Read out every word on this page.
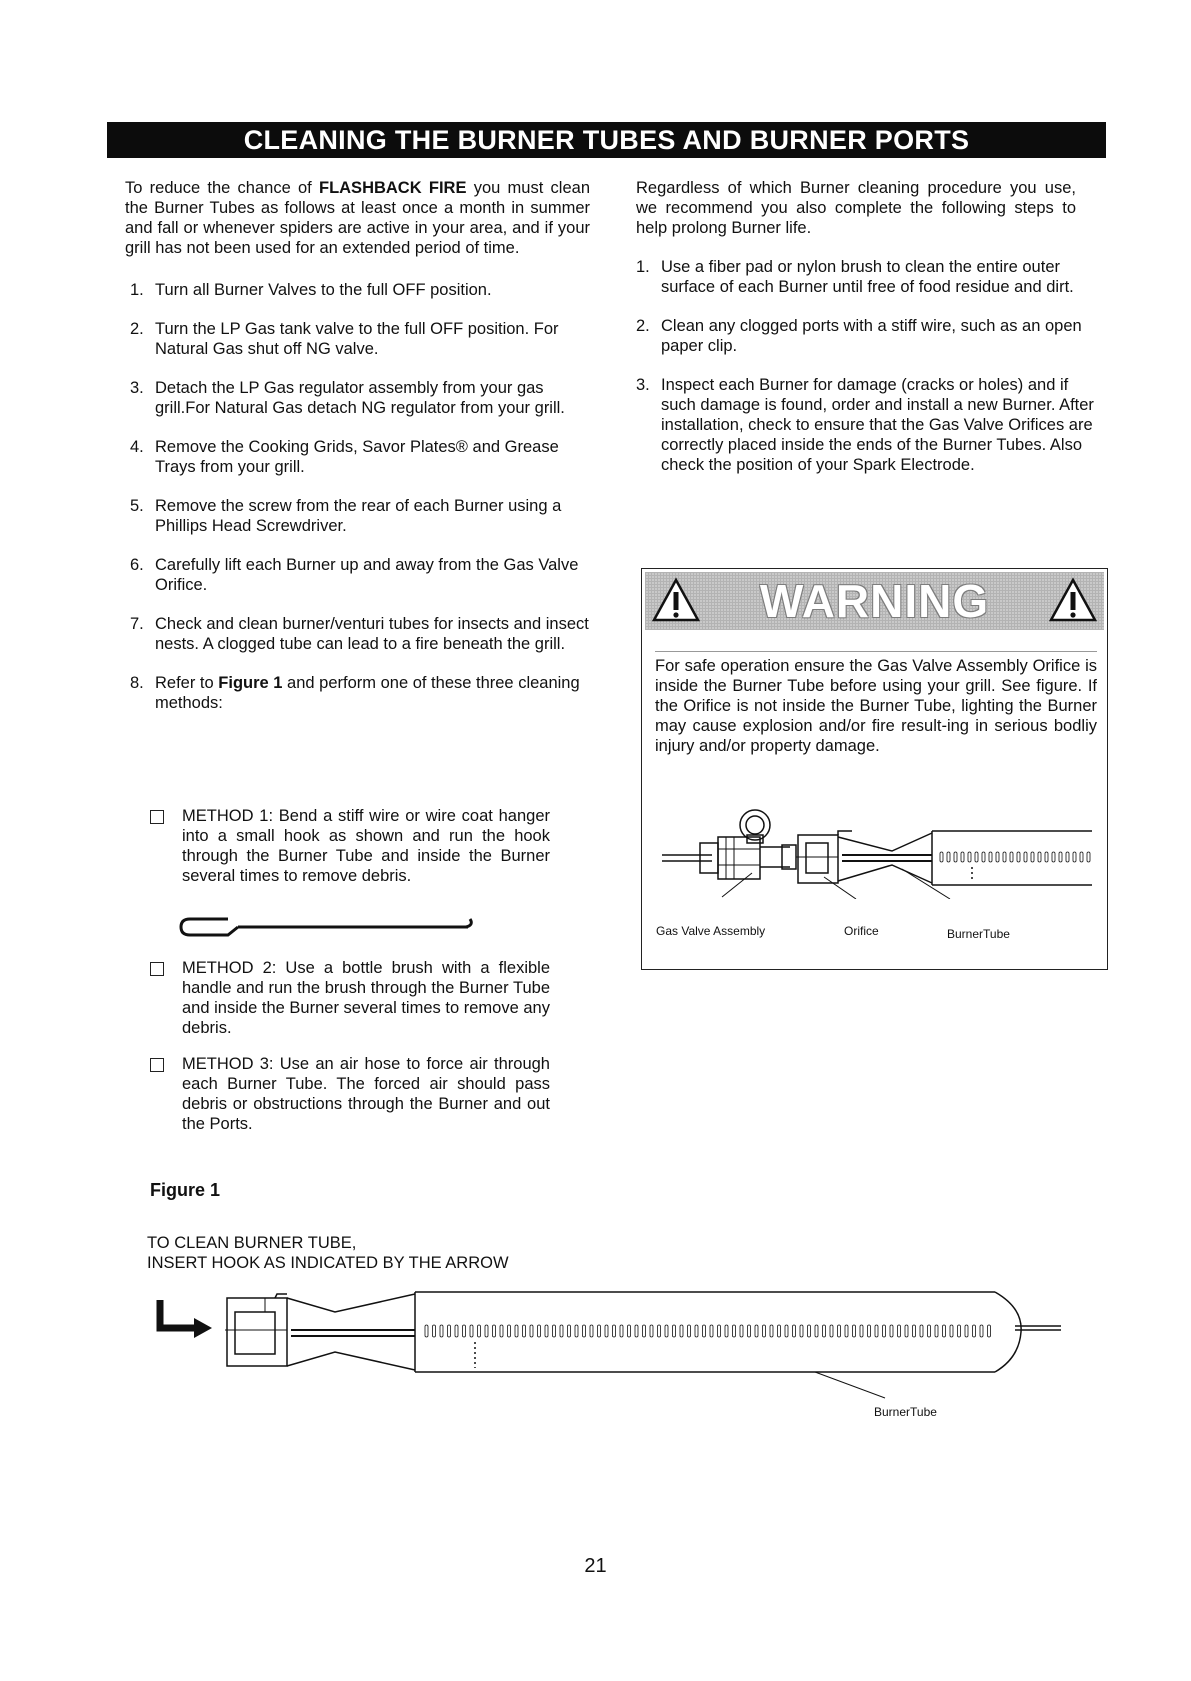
CLEANING THE BURNER TUBES AND BURNER PORTS

To reduce the chance of FLASHBACK FIRE you must clean the Burner Tubes as follows at least once a month in summer and fall or whenever spiders are active in your area, and if your grill has not been used for an extended period of time.

1. Turn all Burner Valves to the full OFF position.
2. Turn the LP Gas tank valve to the full OFF position. For Natural Gas shut off NG valve.
3. Detach the LP Gas regulator assembly from your gas grill.For Natural Gas detach NG regulator from your grill.
4. Remove the Cooking Grids, Savor Plates® and Grease Trays from your grill.
5. Remove the screw from the rear of each Burner using a Phillips Head Screwdriver.
6. Carefully lift each Burner up and away from the Gas Valve Orifice.
7. Check and clean burner/venturi tubes for insects and insect nests. A clogged tube can lead to a fire beneath the grill.
8. Refer to Figure 1 and perform one of these three cleaning methods:

METHOD 1: Bend a stiff wire or wire coat hanger into a small hook as shown and run the hook through the Burner Tube and inside the Burner several times to remove debris.

METHOD 2: Use a bottle brush with a flexible handle and run the brush through the Burner Tube and inside the Burner several times to remove any debris.

METHOD 3: Use an air hose to force air through each Burner Tube. The forced air should pass debris or obstructions through the Burner and out the Ports.

Regardless of which Burner cleaning procedure you use, we recommend you also complete the following steps to help prolong Burner life.

1. Use a fiber pad or nylon brush to clean the entire outer surface of each Burner until free of food residue and dirt.
2. Clean any clogged ports with a stiff wire, such as an open paper clip.
3. Inspect each Burner for damage (cracks or holes) and if such damage is found, order and install a new Burner. After installation, check to ensure that the Gas Valve Orifices are correctly placed inside the ends of the Burner Tubes. Also check the position of your Spark Electrode.
WARNING

For safe operation ensure the Gas Valve Assembly Orifice is inside the Burner Tube before using your grill. See figure. If the Orifice is not inside the Burner Tube, lighting the Burner may cause explosion and/or fire result-ing in serious bodliy injury and/or property damage.

Gas Valve Assembly	Orifice	BurnerTube
Figure 1
TO CLEAN BURNER TUBE,
INSERT HOOK AS INDICATED BY THE ARROW
BurnerTube
21
